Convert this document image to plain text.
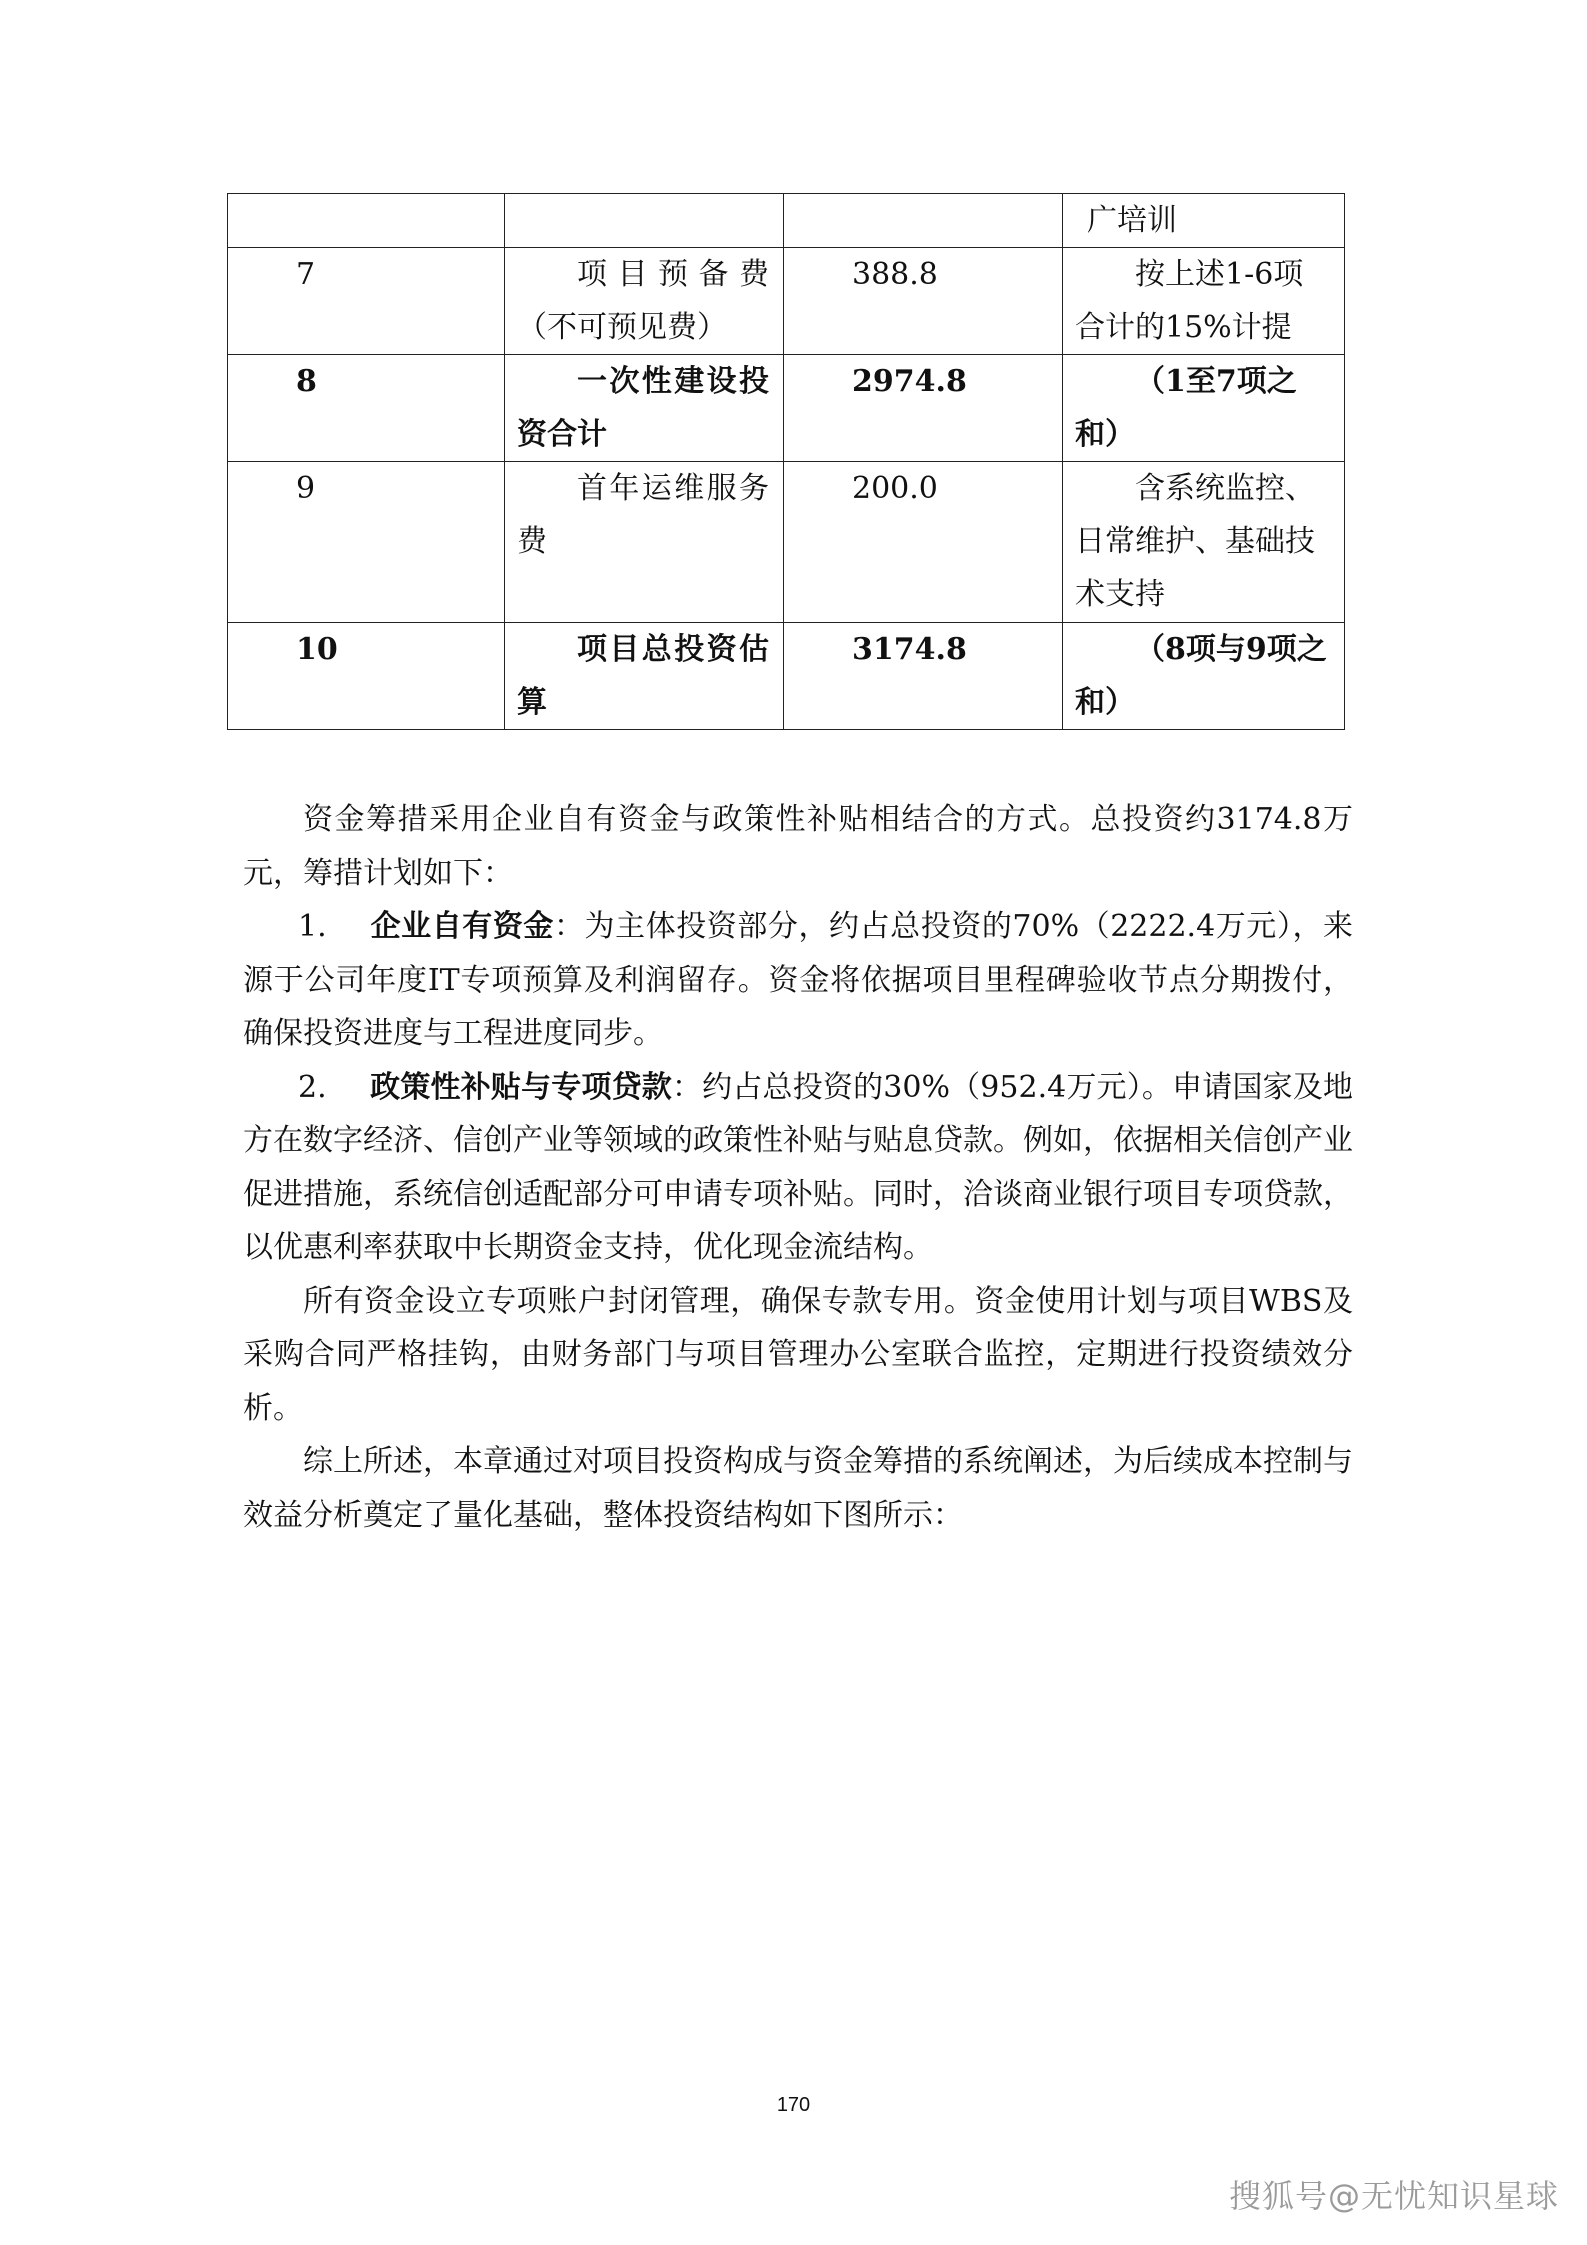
			广培训
7	项目预备费（不可预见费）	388.8	按上述1-6项合计的15%计提
8	一次性建设投资合计	2974.8	（1至7项之和）
9	首年运维服务费	200.0	含系统监控、日常维护、基础技术支持
10	项目总投资估算	3174.8	（8项与9项之和）

资金筹措采用企业自有资金与政策性补贴相结合的方式。总投资约3174.8万元，筹措计划如下：

1. 企业自有资金：为主体投资部分，约占总投资的70%（2222.4万元），来源于公司年度IT专项预算及利润留存。资金将依据项目里程碑验收节点分期拨付，确保投资进度与工程进度同步。

2. 政策性补贴与专项贷款：约占总投资的30%（952.4万元）。申请国家及地方在数字经济、信创产业等领域的政策性补贴与贴息贷款。例如，依据相关信创产业促进措施，系统信创适配部分可申请专项补贴。同时，洽谈商业银行项目专项贷款，以优惠利率获取中长期资金支持，优化现金流结构。

所有资金设立专项账户封闭管理，确保专款专用。资金使用计划与项目WBS及采购合同严格挂钩，由财务部门与项目管理办公室联合监控，定期进行投资绩效分析。

综上所述，本章通过对项目投资构成与资金筹措的系统阐述，为后续成本控制与效益分析奠定了量化基础，整体投资结构如下图所示：

170
搜狐号@无忧知识星球
